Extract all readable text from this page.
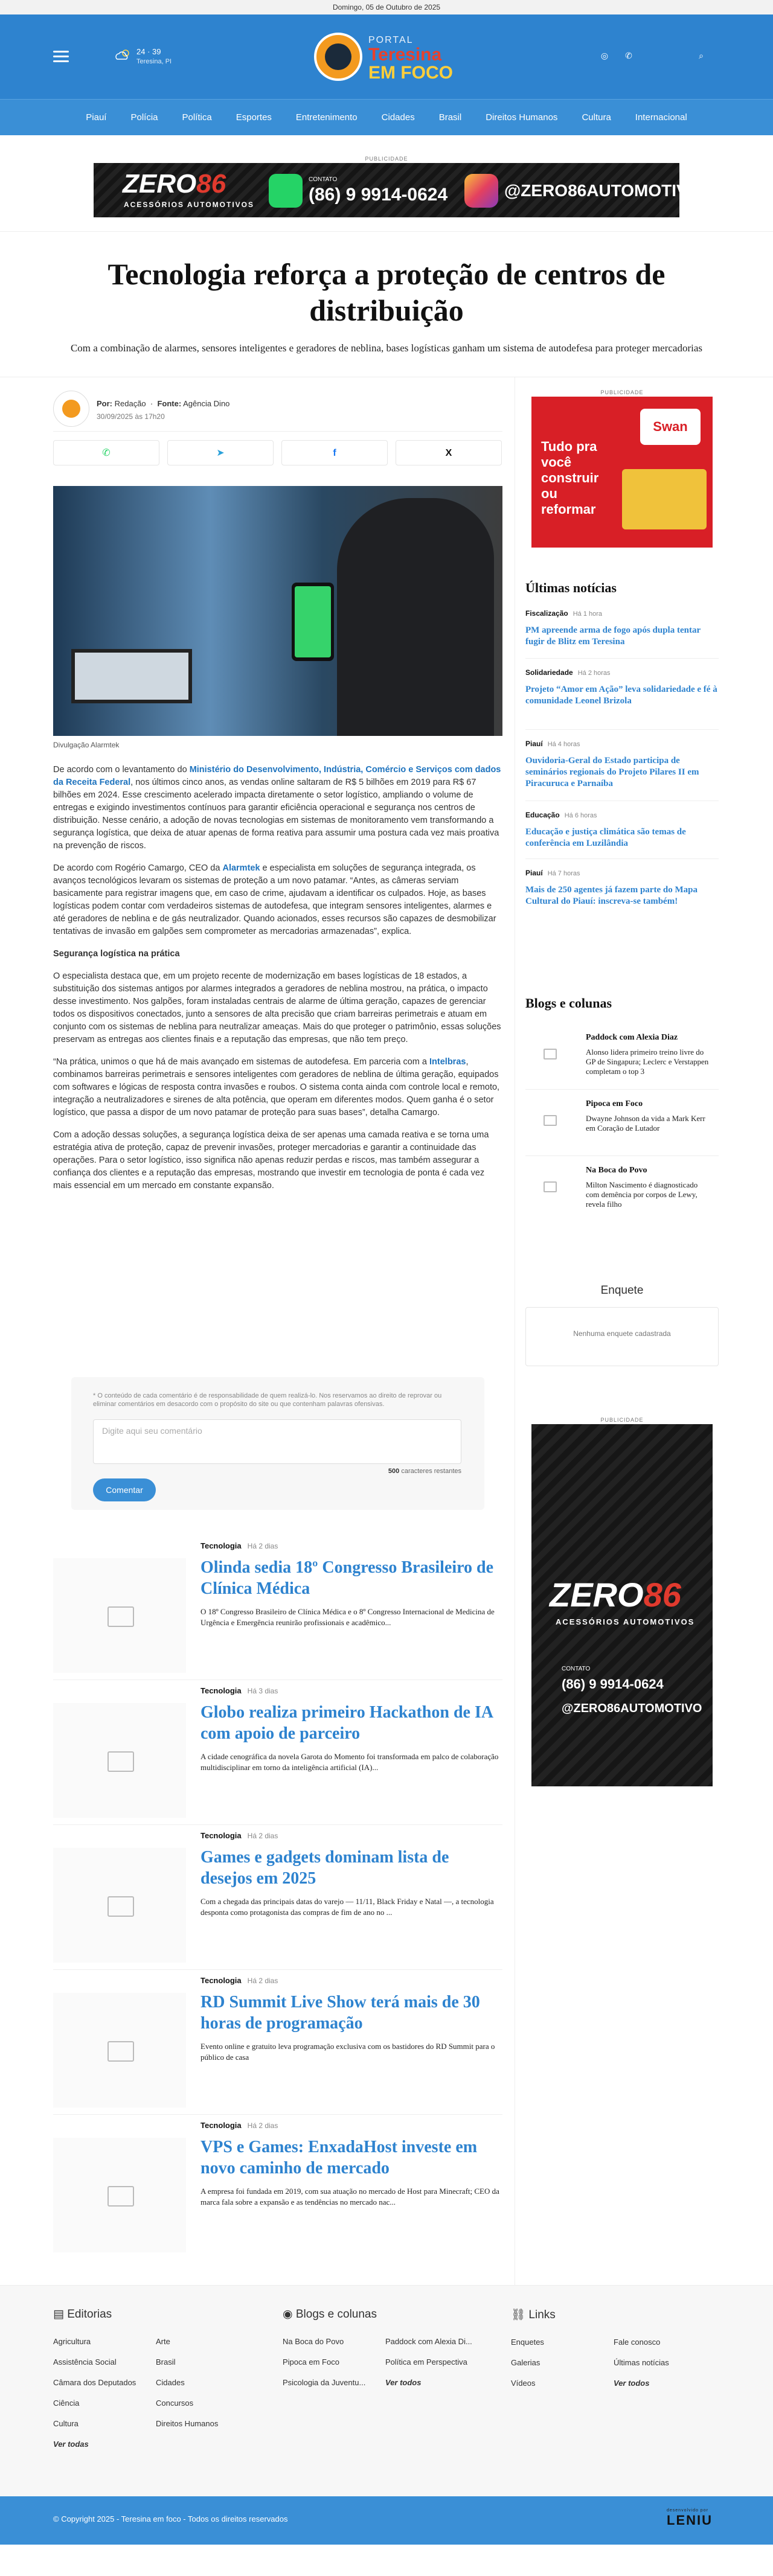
Domingo, 05 de Outubro de 2025
24 · 39
Teresina, PI
PORTAL
Teresina
EM FOCO
◎ ✆	⌕
Piauí	Polícia	Política	Esportes	Entretenimento	Cidades	Brasil	Direitos Humanos	Cultura	Internacional
PUBLICIDADE
ZERO86
ACESSÓRIOS AUTOMOTIVOS
CONTATO
(86) 9 9914-0624	@ZERO86AUTOMOTIVO
Tecnologia reforça a proteção de centros de distribuição

Com a combinação de alarmes, sensores inteligentes e geradores de neblina, bases logísticas ganham um sistema de autodefesa para proteger mercadorias

Por: Redação  ·  Fonte: Agência Dino
30/09/2025 às 17h20
✆	➤	f	X
Divulgação Alarmtek

De acordo com o levantamento do Ministério do Desenvolvimento, Indústria, Comércio e Serviços com dados da Receita Federal, nos últimos cinco anos, as vendas online saltaram de R$ 5 bilhões em 2019 para R$ 67 bilhões em 2024. Esse crescimento acelerado impacta diretamente o setor logístico, ampliando o volume de entregas e exigindo investimentos contínuos para garantir eficiência operacional e segurança nos centros de distribuição. Nesse cenário, a adoção de novas tecnologias em sistemas de monitoramento vem transformando a segurança logística, que deixa de atuar apenas de forma reativa para assumir uma postura cada vez mais proativa na prevenção de riscos.

De acordo com Rogério Camargo, CEO da Alarmtek e especialista em soluções de segurança integrada, os avanços tecnológicos levaram os sistemas de proteção a um novo patamar. “Antes, as câmeras serviam basicamente para registrar imagens que, em caso de crime, ajudavam a identificar os culpados. Hoje, as bases logísticas podem contar com verdadeiros sistemas de autodefesa, que integram sensores inteligentes, alarmes e até geradores de neblina e de gás neutralizador. Quando acionados, esses recursos são capazes de desmobilizar tentativas de invasão em galpões sem comprometer as mercadorias armazenadas”, explica.

Segurança logística na prática

O especialista destaca que, em um projeto recente de modernização em bases logísticas de 18 estados, a substituição dos sistemas antigos por alarmes integrados a geradores de neblina mostrou, na prática, o impacto desse investimento. Nos galpões, foram instaladas centrais de alarme de última geração, capazes de gerenciar todos os dispositivos conectados, junto a sensores de alta precisão que criam barreiras perimetrais e atuam em conjunto com os sistemas de neblina para neutralizar ameaças. Mais do que proteger o patrimônio, essas soluções preservam as entregas aos clientes finais e a reputação das empresas, que não tem preço.

“Na prática, unimos o que há de mais avançado em sistemas de autodefesa. Em parceria com a Intelbras, combinamos barreiras perimetrais e sensores inteligentes com geradores de neblina de última geração, equipados com softwares e lógicas de resposta contra invasões e roubos. O sistema conta ainda com controle local e remoto, integração a neutralizadores e sirenes de alta potência, que operam em diferentes modos. Quem ganha é o setor logístico, que passa a dispor de um novo patamar de proteção para suas bases”, detalha Camargo.

Com a adoção dessas soluções, a segurança logística deixa de ser apenas uma camada reativa e se torna uma estratégia ativa de proteção, capaz de prevenir invasões, proteger mercadorias e garantir a continuidade das operações. Para o setor logístico, isso significa não apenas reduzir perdas e riscos, mas também assegurar a confiança dos clientes e a reputação das empresas, mostrando que investir em tecnologia de ponta é cada vez mais essencial em um mercado em constante expansão.

* O conteúdo de cada comentário é de responsabilidade de quem realizá-lo. Nos reservamos ao direito de reprovar ou eliminar comentários em desacordo com o propósito do site ou que contenham palavras ofensivas.
Digite aqui seu comentário
500 caracteres restantes
Comentar
Tecnologia Há 2 dias
Olinda sedia 18º Congresso Brasileiro de Clínica Médica
O 18º Congresso Brasileiro de Clínica Médica e o 8º Congresso Internacional de Medicina de Urgência e Emergência reunirão profissionais e acadêmico...
Tecnologia Há 3 dias
Globo realiza primeiro Hackathon de IA com apoio de parceiro
A cidade cenográfica da novela Garota do Momento foi transformada em palco de colaboração multidisciplinar em torno da inteligência artificial (IA)...
Tecnologia Há 2 dias
Games e gadgets dominam lista de desejos em 2025
Com a chegada das principais datas do varejo — 11/11, Black Friday e Natal —, a tecnologia desponta como protagonista das compras de fim de ano no ...
Tecnologia Há 2 dias
RD Summit Live Show terá mais de 30 horas de programação
Evento online e gratuito leva programação exclusiva com os bastidores do RD Summit para o público de casa
Tecnologia Há 2 dias
VPS e Games: EnxadaHost investe em novo caminho de mercado
A empresa foi fundada em 2019, com sua atuação no mercado de Host para Minecraft; CEO da marca fala sobre a expansão e as tendências no mercado nac...
PUBLICIDADE
Tudo pra você construir ou reformar
Swan
Últimas notícias
Fiscalização Há 1 hora
PM apreende arma de fogo após dupla tentar fugir de Blitz em Teresina
Solidariedade Há 2 horas
Projeto “Amor em Ação” leva solidariedade e fé à comunidade Leonel Brizola
Piauí Há 4 horas
Ouvidoria-Geral do Estado participa de seminários regionais do Projeto Pilares II em Piracuruca e Parnaíba
Educação Há 6 horas
Educação e justiça climática são temas de conferência em Luzilândia
Piauí Há 7 horas
Mais de 250 agentes já fazem parte do Mapa Cultural do Piauí: inscreva-se também!
Blogs e colunas
Paddock com Alexia Diaz
Alonso lidera primeiro treino livre do GP de Singapura; Leclerc e Verstappen completam o top 3
Pipoca em Foco
Dwayne Johnson da vida a Mark Kerr em Coração de Lutador
Na Boca do Povo
Milton Nascimento é diagnosticado com demência por corpos de Lewy, revela filho
Enquete
Nenhuma enquete cadastrada
PUBLICIDADE
ZERO86
ACESSÓRIOS AUTOMOTIVOS
CONTATO
(86) 9 9914-0624
@ZERO86AUTOMOTIVO
▤ Editorias
Agricultura	Arte
Assistência Social	Brasil
Câmara dos Deputados	Cidades
Ciência	Concursos
Cultura	Direitos Humanos
Ver todas
◉ Blogs e colunas
Na Boca do Povo	Paddock com Alexia Di...
Pipoca em Foco	Política em Perspectiva
Psicologia da Juventu...	Ver todos
⛓ Links
Enquetes	Fale conosco
Galerias	Últimas notícias
Vídeos	Ver todos
© Copyright 2025 - Teresina em foco - Todos os direitos reservados
desenvolvido por
LENIU
